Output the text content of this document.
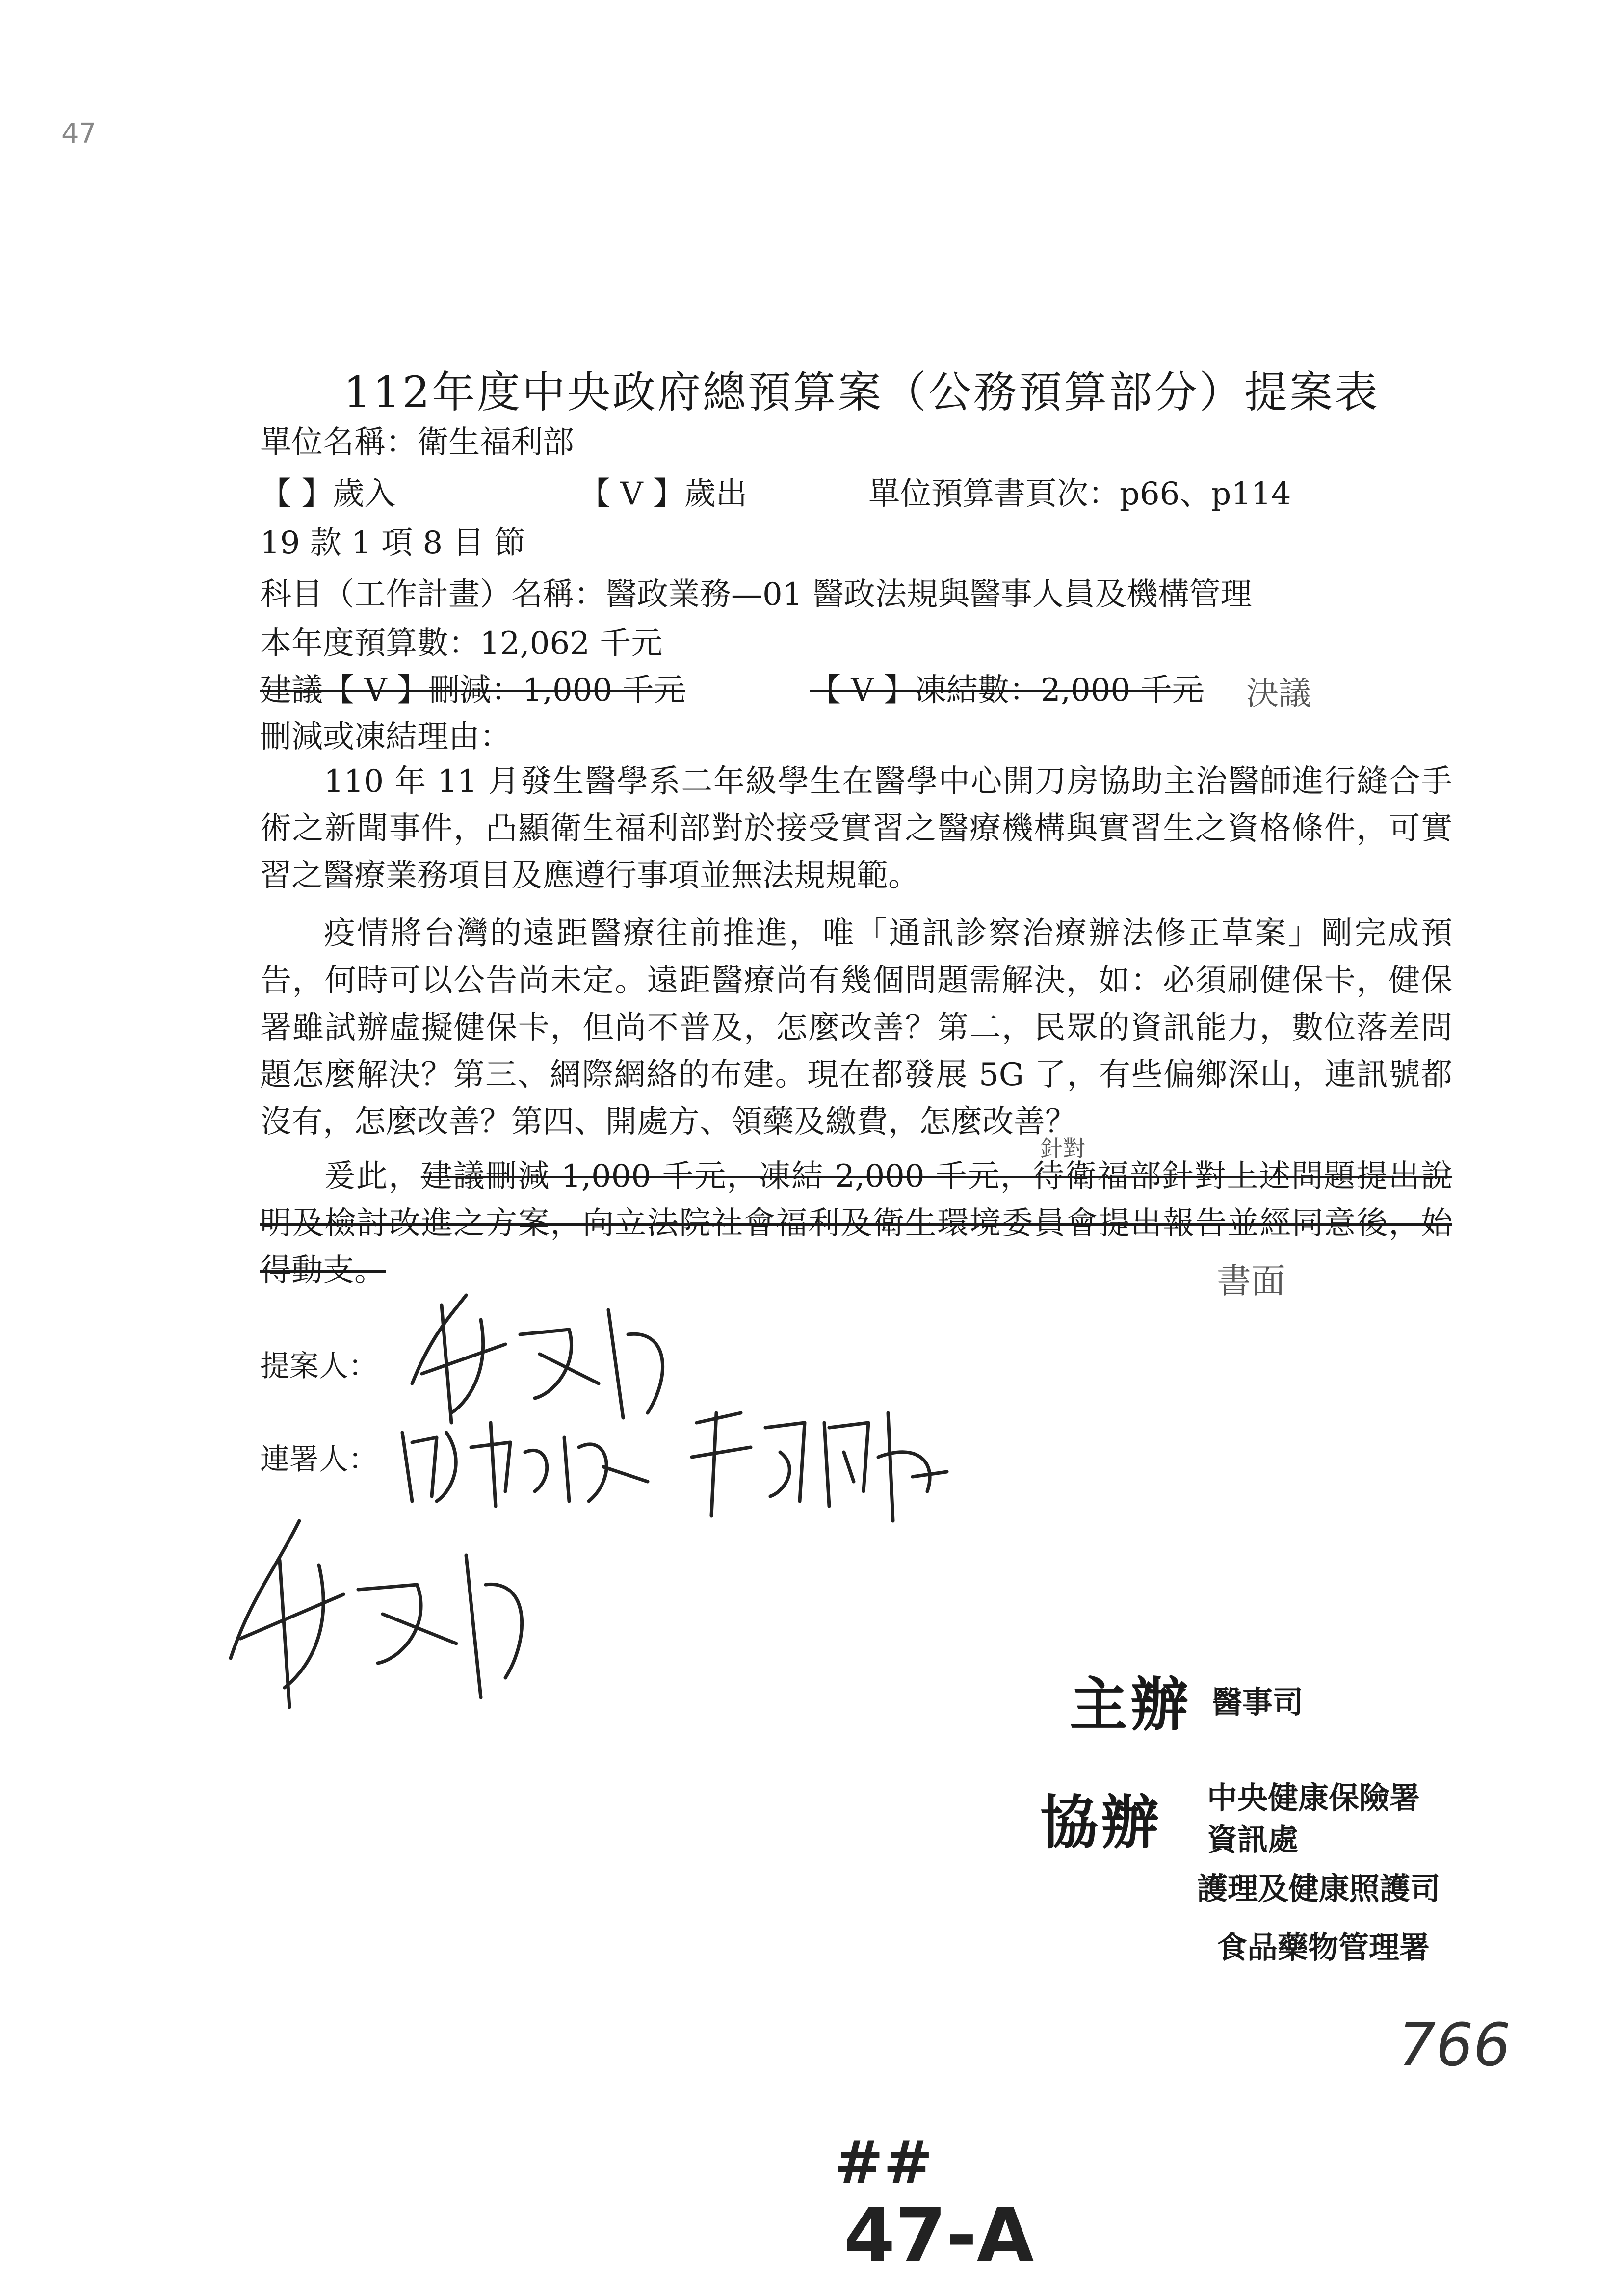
47
112年度中央政府總預算案（公務預算部分）提案表
單位名稱：衛生福利部
【 】歲入	【 V 】歲出	單位預算書頁次：p66、p114
19 款 1 項 8 目 節
科目（工作計畫）名稱：醫政業務—01 醫政法規與醫事人員及機構管理
本年度預算數：12,062 千元
建議【 V 】刪減：1,000 千元	【 V 】凍結數：2,000 千元 決議
刪減或凍結理由：

110 年 11 月發生醫學系二年級學生在醫學中心開刀房協助主治醫師進行縫合手術之新聞事件，凸顯衛生福利部對於接受實習之醫療機構與實習生之資格條件，可實習之醫療業務項目及應遵行事項並無法規規範。

疫情將台灣的遠距醫療往前推進，唯「通訊診察治療辦法修正草案」剛完成預告，何時可以公告尚未定。遠距醫療尚有幾個問題需解決，如：必須刷健保卡，健保署雖試辦虛擬健保卡，但尚不普及，怎麼改善？第二，民眾的資訊能力，數位落差問題怎麼解決？第三、網際網絡的布建。現在都發展 5G 了，有些偏鄉深山，連訊號都沒有，怎麼改善？第四、開處方、領藥及繳費，怎麼改善？

爰此，建議刪減 1,000 千元，凍結 2,000 千元，待衛福部針對上述問題提出說明及檢討改進之方案，向立法院社會福利及衛生環境委員會提出報告並經同意後，始得動支。

針對
書面
提案人：
連署人：
主辦 醫事司
協辦 中央健康保險署
資訊處
護理及健康照護司
食品藥物管理署
766
##
47-A
